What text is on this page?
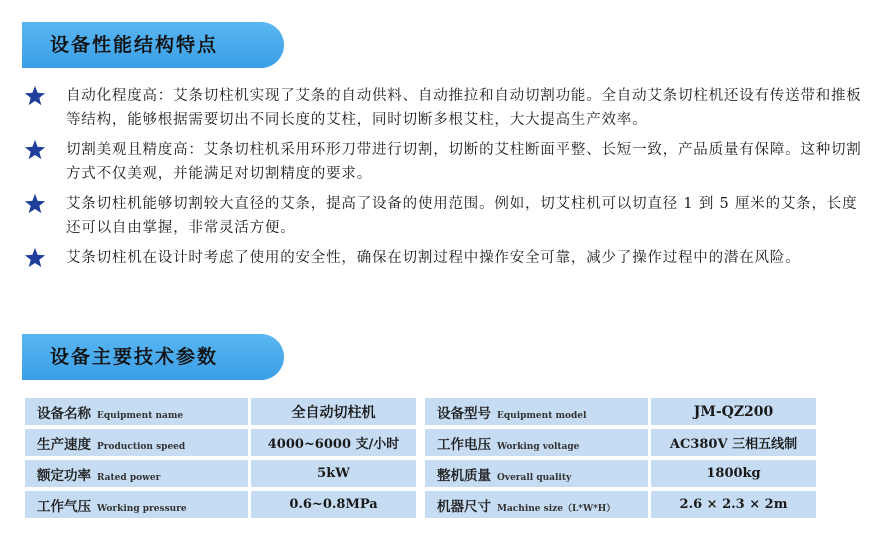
设备性能结构特点
自动化程度高：艾条切柱机实现了艾条的自动供料、自动推拉和自动切割功能。全自动艾条切柱机还设有传送带和推板等结构，能够根据需要切出不同长度的艾柱，同时切断多根艾柱，大大提高生产效率。
切割美观且精度高：艾条切柱机采用环形刀带进行切割，切断的艾柱断面平整、长短一致，产品质量有保障。这种切割方式不仅美观，并能满足对切割精度的要求。
艾条切柱机能够切割较大直径的艾条，提高了设备的使用范围。例如，切艾柱机可以切直径 1 到 5 厘米的艾条，长度还可以自由掌握，非常灵活方便。
艾条切柱机在设计时考虑了使用的安全性，确保在切割过程中操作安全可靠，减少了操作过程中的潜在风险。
设备主要技术参数
设备名称 Equipment name	全自动切柱机		设备型号 Equipment model	JM-QZ200
生产速度 Production speed	4000~6000 支/小时		工作电压 Working voltage	AC380V 三相五线制
额定功率 Rated power	5kW		整机质量 Overall quality	1800kg
工作气压 Working pressure	0.6~0.8MPa		机器尺寸 Machine size（L*W*H）	2.6 × 2.3 × 2m
